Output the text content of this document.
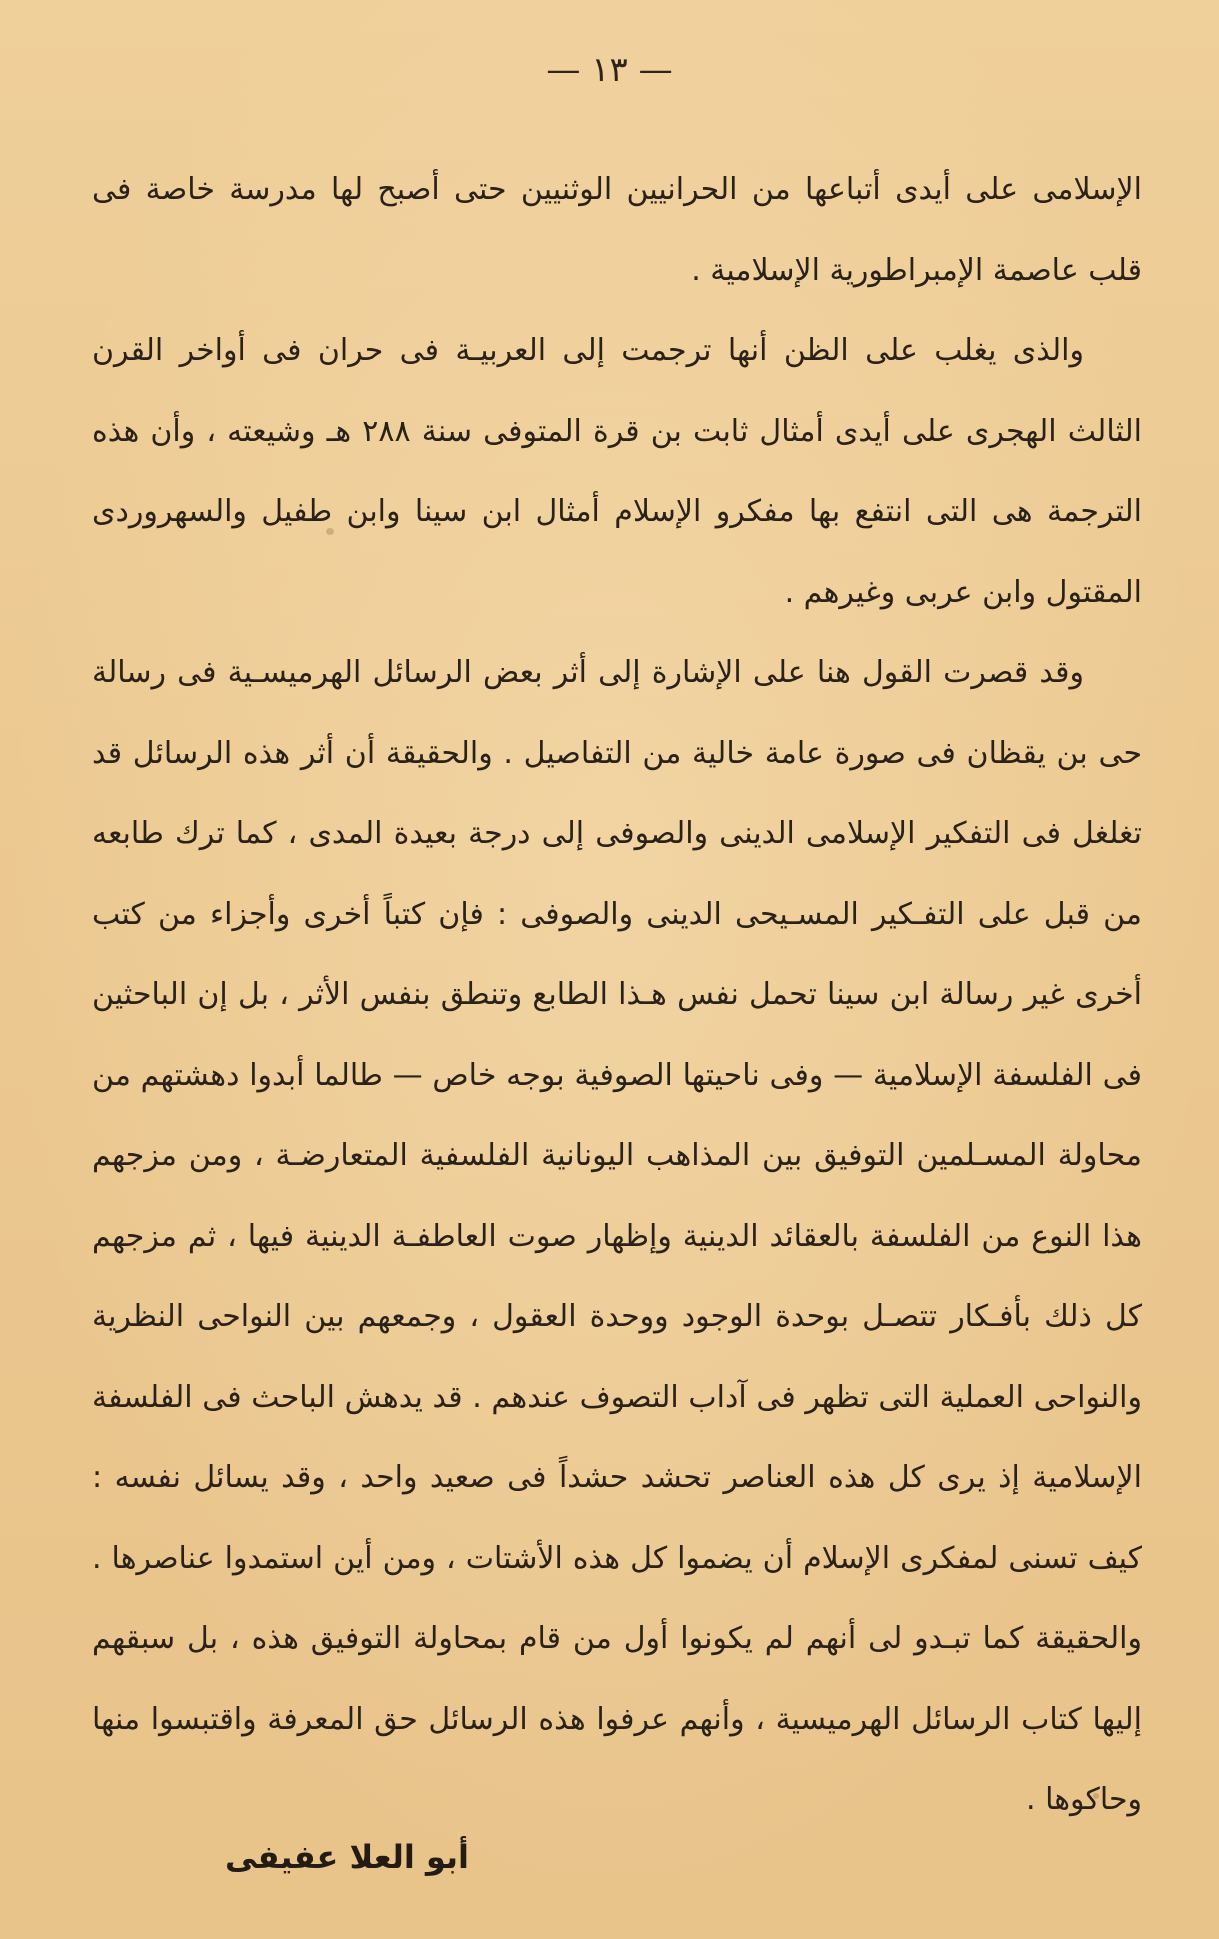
— ١٣ —

الإسلامى على أيدى أتباعها من الحرانيين الوثنيين حتى أصبح لها مدرسة خاصة فى قلب عاصمة الإمبراطورية الإسلامية .

والذى يغلب على الظن أنها ترجمت إلى العربيـة فى حران فى أواخر القرن الثالث الهجرى على أيدى أمثال ثابت بن قرة المتوفى سنة ٢٨٨ هـ وشيعته ، وأن هذه الترجمة هى التى انتفع بها مفكرو الإسلام أمثال ابن سينا وابن طفيل والسهروردى المقتول وابن عربى وغيرهم .

وقد قصرت القول هنا على الإشارة إلى أثر بعض الرسائل الهرميسـية فى رسالة حى بن يقظان فى صورة عامة خالية من التفاصيل . والحقيقة أن أثر هذه الرسائل قد تغلغل فى التفكير الإسلامى الدينى والصوفى إلى درجة بعيدة المدى ، كما ترك طابعه من قبل على التفـكير المسـيحى الدينى والصوفى : فإن كتباً أخرى وأجزاء من كتب أخرى غير رسالة ابن سينا تحمل نفس هـذا الطابع وتنطق بنفس الأثر ، بل إن الباحثين فى الفلسفة الإسلامية — وفى ناحيتها الصوفية بوجه خاص — طالما أبدوا دهشتهم من محاولة المسـلمين التوفيق بين المذاهب اليونانية الفلسفية المتعارضـة ، ومن مزجهم هذا النوع من الفلسفة بالعقائد الدينية وإظهار صوت العاطفـة الدينية فيها ، ثم مزجهم كل ذلك بأفـكار تتصـل بوحدة الوجود ووحدة العقول ، وجمعهم بين النواحى النظرية والنواحى العملية التى تظهر فى آداب التصوف عندهم . قد يدهش الباحث فى الفلسفة الإسلامية إذ يرى كل هذه العناصر تحشد حشداً فى صعيد واحد ، وقد يسائل نفسه : كيف تسنى لمفكرى الإسلام أن يضموا كل هذه الأشتات ، ومن أين استمدوا عناصرها . والحقيقة كما تبـدو لى أنهم لم يكونوا أول من قام بمحاولة التوفيق هذه ، بل سبقهم إليها كتاب الرسائل الهرميسية ، وأنهم عرفوا هذه الرسائل حق المعرفة واقتبسوا منها وحاكوها .

أبو العلا عفيفى
